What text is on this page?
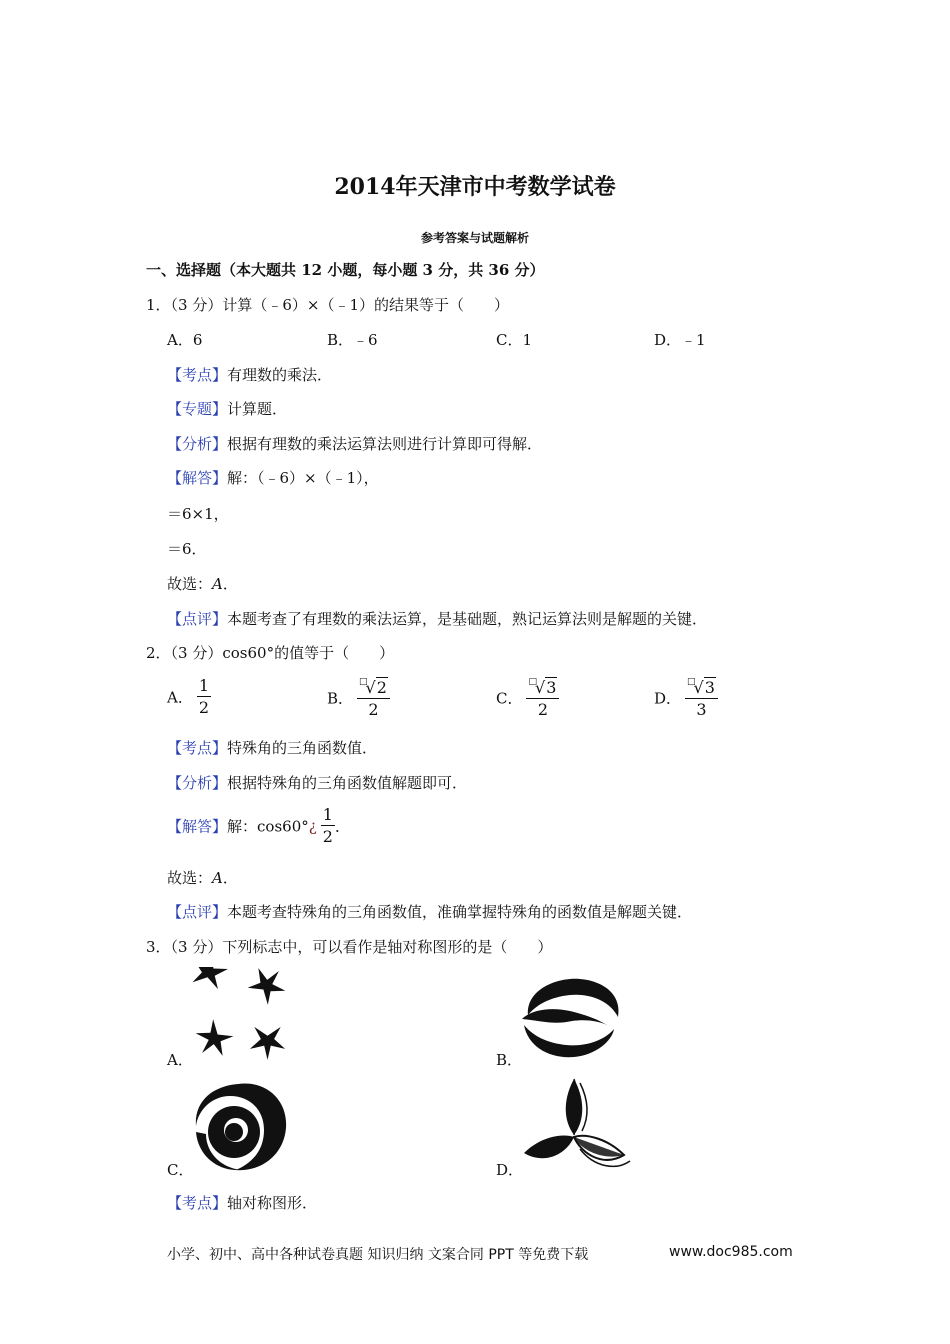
2014年天津市中考数学试卷
参考答案与试题解析
一、选择题（本大题共 12 小题，每小题 3 分，共 36 分）
1．（3 分）计算（﹣6）×（﹣1）的结果等于（　　）
A．6	B．﹣6	C．1	D．﹣1
【考点】有理数的乘法．
【专题】计算题．
【分析】根据有理数的乘法运算法则进行计算即可得解．
【解答】解：（﹣6）×（﹣1），
＝6×1，
＝6．
故选：A．
【点评】本题考查了有理数的乘法运算，是基础题，熟记运算法则是解题的关键．
2．（3 分）cos60°的值等于（　　）
A． $\frac{1}{2}$	B． $\frac{^□√2}{2}$	C． $\frac{^□√3}{2}$	D． $\frac{^□√3}{3}$
【考点】特殊角的三角函数值．
【分析】根据特殊角的三角函数值解题即可．
【解答】解：cos60°¿ $\frac{1}{2}$ ．
故选：A．
【点评】本题考查特殊角的三角函数值，准确掌握特殊角的函数值是解题关键．
3．（3 分）下列标志中，可以看作是轴对称图形的是（　　）
A．	B．
C．	D．
【考点】轴对称图形．
小学、初中、高中各种试卷真题 知识归纳 文案合同 PPT 等免费下载	www.doc985.com
